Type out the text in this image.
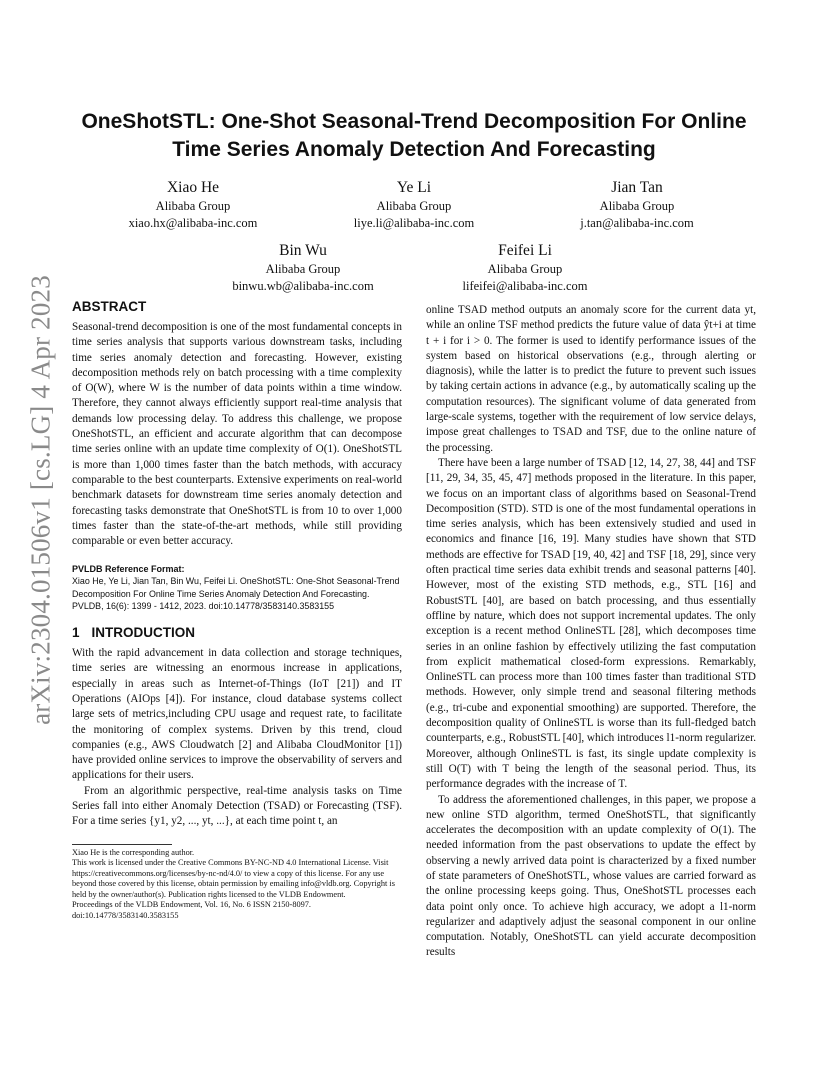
arXiv:2304.01506v1 [cs.LG] 4 Apr 2023
OneShotSTL: One-Shot Seasonal-Trend Decomposition For Online Time Series Anomaly Detection And Forecasting
Xiao He
Alibaba Group
xiao.hx@alibaba-inc.com
Ye Li
Alibaba Group
liye.li@alibaba-inc.com
Jian Tan
Alibaba Group
j.tan@alibaba-inc.com
Bin Wu
Alibaba Group
binwu.wb@alibaba-inc.com
Feifei Li
Alibaba Group
lifeifei@alibaba-inc.com
ABSTRACT

Seasonal-trend decomposition is one of the most fundamental concepts in time series analysis that supports various downstream tasks, including time series anomaly detection and forecasting. However, existing decomposition methods rely on batch processing with a time complexity of O(W), where W is the number of data points within a time window. Therefore, they cannot always efficiently support real-time analysis that demands low processing delay. To address this challenge, we propose OneShotSTL, an efficient and accurate algorithm that can decompose time series online with an update time complexity of O(1). OneShotSTL is more than 1,000 times faster than the batch methods, with accuracy comparable to the best counterparts. Extensive experiments on real-world benchmark datasets for downstream time series anomaly detection and forecasting tasks demonstrate that OneShotSTL is from 10 to over 1,000 times faster than the state-of-the-art methods, while still providing comparable or even better accuracy.

PVLDB Reference Format:
Xiao He, Ye Li, Jian Tan, Bin Wu, Feifei Li. OneShotSTL: One-Shot Seasonal-Trend Decomposition For Online Time Series Anomaly Detection And Forecasting. PVLDB, 16(6): 1399 - 1412, 2023. doi:10.14778/3583140.3583155
1 INTRODUCTION

With the rapid advancement in data collection and storage techniques, time series are witnessing an enormous increase in applications, especially in areas such as Internet-of-Things (IoT [21]) and IT Operations (AIOps [4]). For instance, cloud database systems collect large sets of metrics,including CPU usage and request rate, to facilitate the monitoring of complex systems. Driven by this trend, cloud companies (e.g., AWS Cloudwatch [2] and Alibaba CloudMonitor [1]) have provided online services to improve the observability of servers and applications for their users.

From an algorithmic perspective, real-time analysis tasks on Time Series fall into either Anomaly Detection (TSAD) or Forecasting (TSF). For a time series {y1, y2, ..., yt, ...}, at each time point t, an

Xiao He is the corresponding author.
This work is licensed under the Creative Commons BY-NC-ND 4.0 International License. Visit https://creativecommons.org/licenses/by-nc-nd/4.0/ to view a copy of this license. For any use beyond those covered by this license, obtain permission by emailing info@vldb.org. Copyright is held by the owner/author(s). Publication rights licensed to the VLDB Endowment.
Proceedings of the VLDB Endowment, Vol. 16, No. 6 ISSN 2150-8097.
doi:10.14778/3583140.3583155

online TSAD method outputs an anomaly score for the current data yt, while an online TSF method predicts the future value of data ŷt+i at time t + i for i > 0. The former is used to identify performance issues of the system based on historical observations (e.g., through alerting or diagnosis), while the latter is to predict the future to prevent such issues by taking certain actions in advance (e.g., by automatically scaling up the computation resources). The significant volume of data generated from large-scale systems, together with the requirement of low service delays, impose great challenges to TSAD and TSF, due to the online nature of the processing.

There have been a large number of TSAD [12, 14, 27, 38, 44] and TSF [11, 29, 34, 35, 45, 47] methods proposed in the literature. In this paper, we focus on an important class of algorithms based on Seasonal-Trend Decomposition (STD). STD is one of the most fundamental operations in time series analysis, which has been extensively studied and used in economics and finance [16, 19]. Many studies have shown that STD methods are effective for TSAD [19, 40, 42] and TSF [18, 29], since very often practical time series data exhibit trends and seasonal patterns [40]. However, most of the existing STD methods, e.g., STL [16] and RobustSTL [40], are based on batch processing, and thus essentially offline by nature, which does not support incremental updates. The only exception is a recent method OnlineSTL [28], which decomposes time series in an online fashion by effectively utilizing the fast computation from explicit mathematical closed-form expressions. Remarkably, OnlineSTL can process more than 100 times faster than traditional STD methods. However, only simple trend and seasonal filtering methods (e.g., tri-cube and exponential smoothing) are supported. Therefore, the decomposition quality of OnlineSTL is worse than its full-fledged batch counterparts, e.g., RobustSTL [40], which introduces l1-norm regularizer. Moreover, although OnlineSTL is fast, its single update complexity is still O(T) with T being the length of the seasonal period. Thus, its performance degrades with the increase of T.

To address the aforementioned challenges, in this paper, we propose a new online STD algorithm, termed OneShotSTL, that significantly accelerates the decomposition with an update complexity of O(1). The needed information from the past observations to update the effect by observing a newly arrived data point is characterized by a fixed number of state parameters of OneShotSTL, whose values are carried forward as the online processing keeps going. Thus, OneShotSTL processes each data point only once. To achieve high accuracy, we adopt a l1-norm regularizer and adaptively adjust the seasonal component in our online computation. Notably, OneShotSTL can yield accurate decomposition results
